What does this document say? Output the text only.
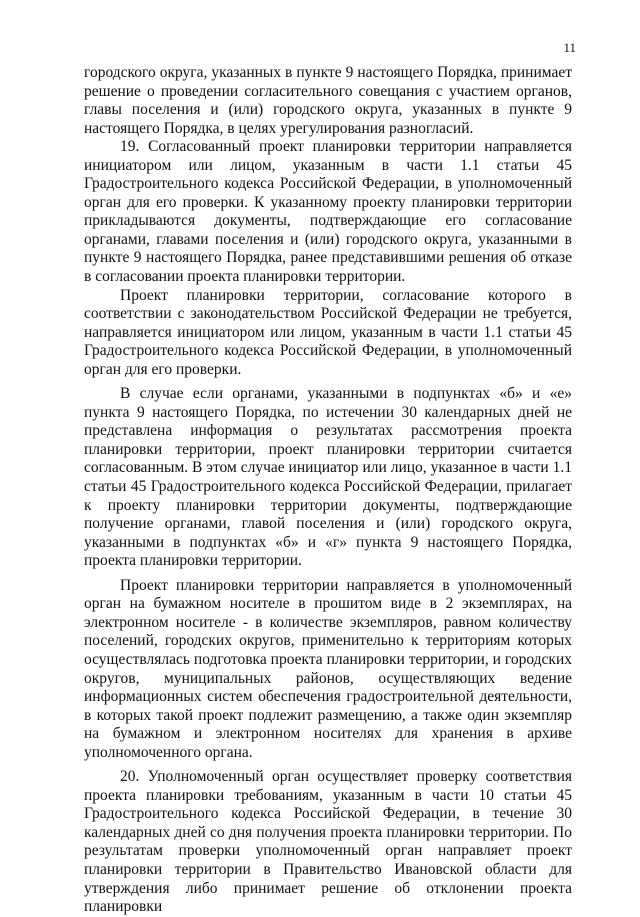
11

городского округа, указанных в пункте 9 настоящего Порядка, принимает решение о проведении согласительного совещания с участием органов, главы поселения и (или) городского округа, указанных в пункте 9 настоящего Порядка, в целях урегулирования разногласий.

19. Согласованный проект планировки территории направляется инициатором или лицом, указанным в части 1.1 статьи 45 Градостроительного кодекса Российской Федерации, в уполномоченный орган для его проверки. К указанному проекту планировки территории прикладываются документы, подтверждающие его согласование органами, главами поселения и (или) городского округа, указанными в пункте 9 настоящего Порядка, ранее представившими решения об отказе в согласовании проекта планировки территории.

Проект планировки территории, согласование которого в соответствии с законодательством Российской Федерации не требуется, направляется инициатором или лицом, указанным в части 1.1 статьи 45 Градостроительного кодекса Российской Федерации, в уполномоченный орган для его проверки.

В случае если органами, указанными в подпунктах «б» и «е» пункта 9 настоящего Порядка, по истечении 30 календарных дней не представлена информация о результатах рассмотрения проекта планировки территории, проект планировки территории считается согласованным. В этом случае инициатор или лицо, указанное в части 1.1 статьи 45 Градостроительного кодекса Российской Федерации, прилагает к проекту планировки территории документы, подтверждающие получение органами, главой поселения и (или) городского округа, указанными в подпунктах «б» и «г» пункта 9 настоящего Порядка, проекта планировки территории.

Проект планировки территории направляется в уполномоченный орган на бумажном носителе в прошитом виде в 2 экземплярах, на электронном носителе - в количестве экземпляров, равном количеству поселений, городских округов, применительно к территориям которых осуществлялась подготовка проекта планировки территории, и городских округов, муниципальных районов, осуществляющих ведение информационных систем обеспечения градостроительной деятельности, в которых такой проект подлежит размещению, а также один экземпляр на бумажном и электронном носителях для хранения в архиве уполномоченного органа.

20. Уполномоченный орган осуществляет проверку соответствия проекта планировки требованиям, указанным в части 10 статьи 45 Градостроительного кодекса Российской Федерации, в течение 30 календарных дней со дня получения проекта планировки территории. По результатам проверки уполномоченный орган направляет проект планировки территории в Правительство Ивановской области для утверждения либо принимает решение об отклонении проекта планировки
